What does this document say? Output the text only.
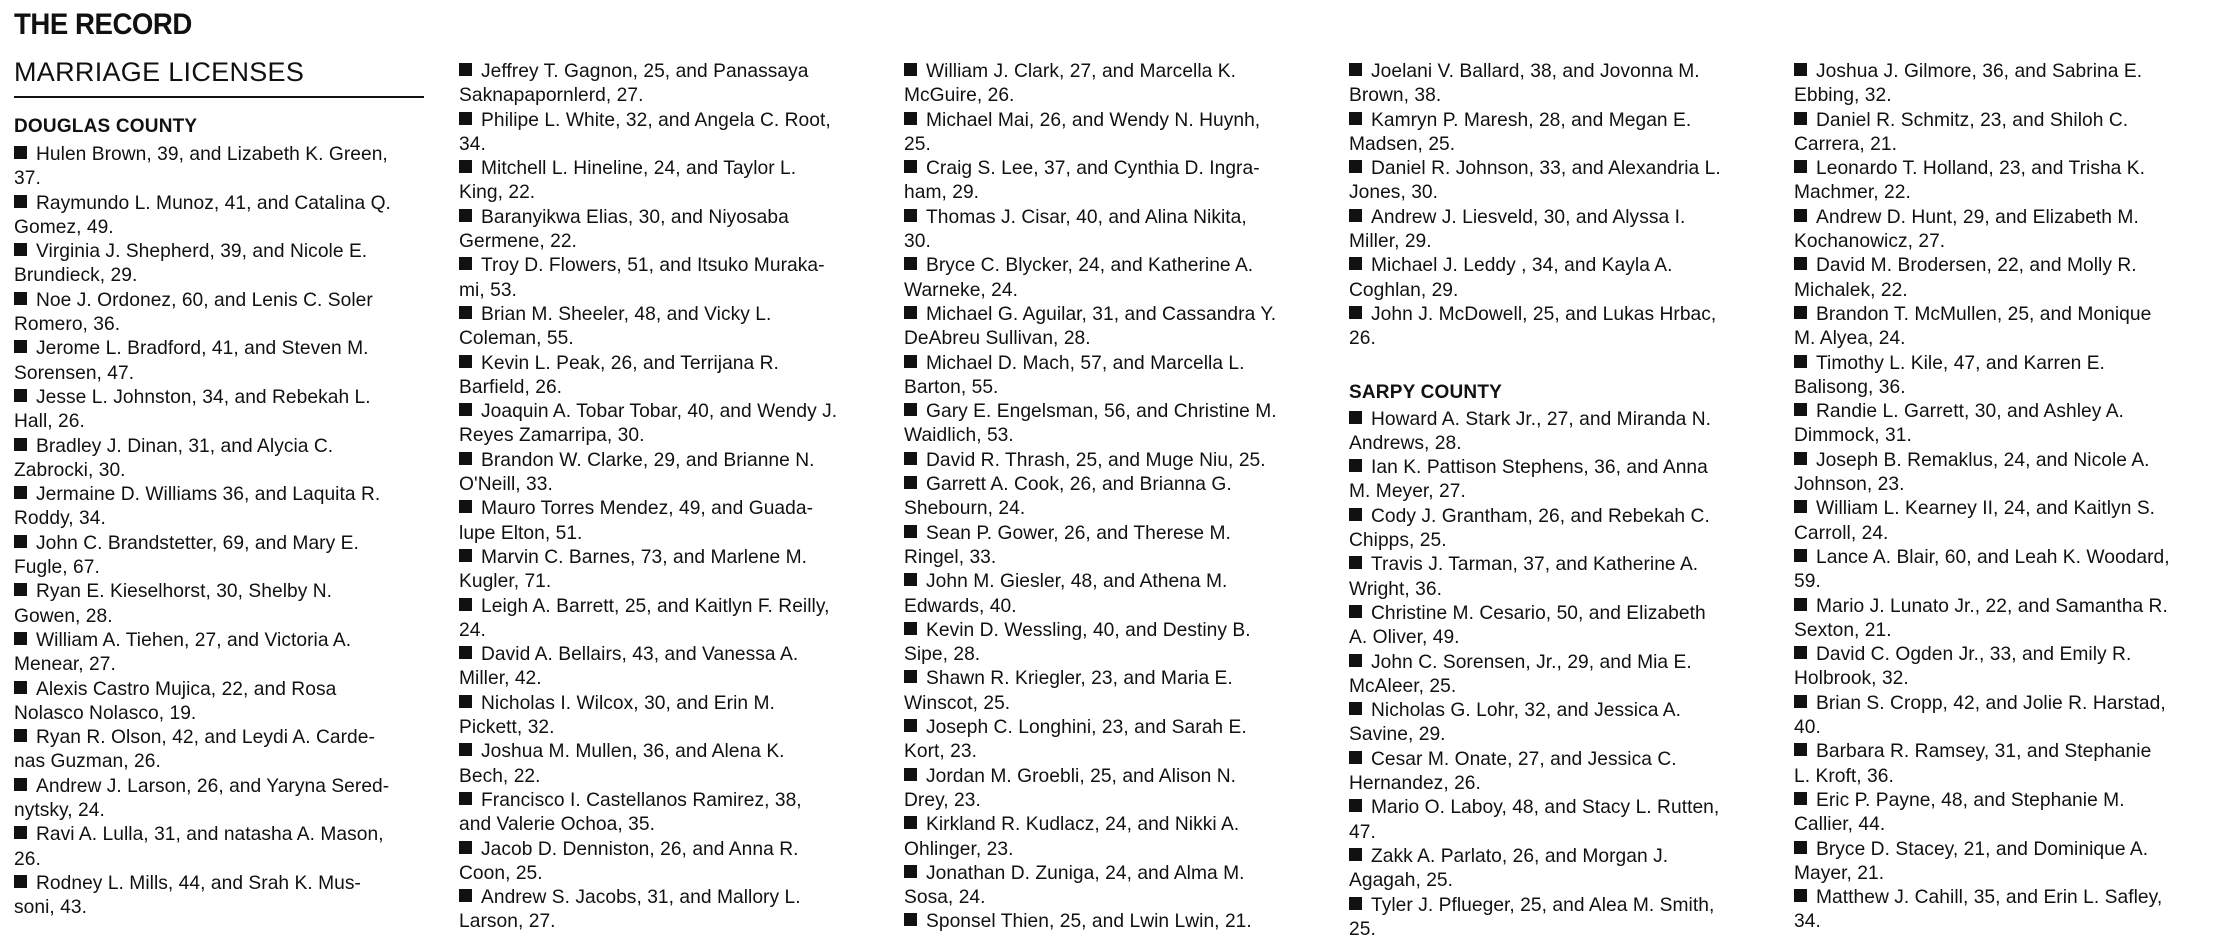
THE RECORD
MARRIAGE LICENSES
DOUGLAS COUNTY
Hulen Brown, 39, and Lizabeth K. Green,
37.
Raymundo L. Munoz, 41, and Catalina Q.
Gomez, 49.
Virginia J. Shepherd, 39, and Nicole E.
Brundieck, 29.
Noe J. Ordonez, 60, and Lenis C. Soler
Romero, 36.
Jerome L. Bradford, 41, and Steven M.
Sorensen, 47.
Jesse L. Johnston, 34, and Rebekah L.
Hall, 26.
Bradley J. Dinan, 31, and Alycia C.
Zabrocki, 30.
Jermaine D. Williams 36, and Laquita R.
Roddy, 34.
John C. Brandstetter, 69, and Mary E.
Fugle, 67.
Ryan E. Kieselhorst, 30, Shelby N.
Gowen, 28.
William A. Tiehen, 27, and Victoria A.
Menear, 27.
Alexis Castro Mujica, 22, and Rosa
Nolasco Nolasco, 19.
Ryan R. Olson, 42, and Leydi A. Carde-
nas Guzman, 26.
Andrew J. Larson, 26, and Yaryna Sered-
nytsky, 24.
Ravi A. Lulla, 31, and natasha A. Mason,
26.
Rodney L. Mills, 44, and Srah K. Mus-
soni, 43.
Jeffrey T. Gagnon, 25, and Panassaya
Saknapapornlerd, 27.
Philipe L. White, 32, and Angela C. Root,
34.
Mitchell L. Hineline, 24, and Taylor L.
King, 22.
Baranyikwa Elias, 30, and Niyosaba
Germene, 22.
Troy D. Flowers, 51, and Itsuko Muraka-
mi, 53.
Brian M. Sheeler, 48, and Vicky L.
Coleman, 55.
Kevin L. Peak, 26, and Terrijana R.
Barfield, 26.
Joaquin A. Tobar Tobar, 40, and Wendy J.
Reyes Zamarripa, 30.
Brandon W. Clarke, 29, and Brianne N.
O'Neill, 33.
Mauro Torres Mendez, 49, and Guada-
lupe Elton, 51.
Marvin C. Barnes, 73, and Marlene M.
Kugler, 71.
Leigh A. Barrett, 25, and Kaitlyn F. Reilly,
24.
David A. Bellairs, 43, and Vanessa A.
Miller, 42.
Nicholas I. Wilcox, 30, and Erin M.
Pickett, 32.
Joshua M. Mullen, 36, and Alena K.
Bech, 22.
Francisco I. Castellanos Ramirez, 38,
and Valerie Ochoa, 35.
Jacob D. Denniston, 26, and Anna R.
Coon, 25.
Andrew S. Jacobs, 31, and Mallory L.
Larson, 27.
William J. Clark, 27, and Marcella K.
McGuire, 26.
Michael Mai, 26, and Wendy N. Huynh,
25.
Craig S. Lee, 37, and Cynthia D. Ingra-
ham, 29.
Thomas J. Cisar, 40, and Alina Nikita,
30.
Bryce C. Blycker, 24, and Katherine A.
Warneke, 24.
Michael G. Aguilar, 31, and Cassandra Y.
DeAbreu Sullivan, 28.
Michael D. Mach, 57, and Marcella L.
Barton, 55.
Gary E. Engelsman, 56, and Christine M.
Waidlich, 53.
David R. Thrash, 25, and Muge Niu, 25.
Garrett A. Cook, 26, and Brianna G.
Shebourn, 24.
Sean P. Gower, 26, and Therese M.
Ringel, 33.
John M. Giesler, 48, and Athena M.
Edwards, 40.
Kevin D. Wessling, 40, and Destiny B.
Sipe, 28.
Shawn R. Kriegler, 23, and Maria E.
Winscot, 25.
Joseph C. Longhini, 23, and Sarah E.
Kort, 23.
Jordan M. Groebli, 25, and Alison N.
Drey, 23.
Kirkland R. Kudlacz, 24, and Nikki A.
Ohlinger, 23.
Jonathan D. Zuniga, 24, and Alma M.
Sosa, 24.
Sponsel Thien, 25, and Lwin Lwin, 21.
Joelani V. Ballard, 38, and Jovonna M.
Brown, 38.
Kamryn P. Maresh, 28, and Megan E.
Madsen, 25.
Daniel R. Johnson, 33, and Alexandria L.
Jones, 30.
Andrew J. Liesveld, 30, and Alyssa I.
Miller, 29.
Michael J. Leddy , 34, and Kayla A.
Coghlan, 29.
John J. McDowell, 25, and Lukas Hrbac,
26.
SARPY COUNTY
Howard A. Stark Jr., 27, and Miranda N.
Andrews, 28.
Ian K. Pattison Stephens, 36, and Anna
M. Meyer, 27.
Cody J. Grantham, 26, and Rebekah C.
Chipps, 25.
Travis J. Tarman, 37, and Katherine A.
Wright, 36.
Christine M. Cesario, 50, and Elizabeth
A. Oliver, 49.
John C. Sorensen, Jr., 29, and Mia E.
McAleer, 25.
Nicholas G. Lohr, 32, and Jessica A.
Savine, 29.
Cesar M. Onate, 27, and Jessica C.
Hernandez, 26.
Mario O. Laboy, 48, and Stacy L. Rutten,
47.
Zakk A. Parlato, 26, and Morgan J.
Agagah, 25.
Tyler J. Pflueger, 25, and Alea M. Smith,
25.
Joshua J. Gilmore, 36, and Sabrina E.
Ebbing, 32.
Daniel R. Schmitz, 23, and Shiloh C.
Carrera, 21.
Leonardo T. Holland, 23, and Trisha K.
Machmer, 22.
Andrew D. Hunt, 29, and Elizabeth M.
Kochanowicz, 27.
David M. Brodersen, 22, and Molly R.
Michalek, 22.
Brandon T. McMullen, 25, and Monique
M. Alyea, 24.
Timothy L. Kile, 47, and Karren E.
Balisong, 36.
Randie L. Garrett, 30, and Ashley A.
Dimmock, 31.
Joseph B. Remaklus, 24, and Nicole A.
Johnson, 23.
William L. Kearney II, 24, and Kaitlyn S.
Carroll, 24.
Lance A. Blair, 60, and Leah K. Woodard,
59.
Mario J. Lunato Jr., 22, and Samantha R.
Sexton, 21.
David C. Ogden Jr., 33, and Emily R.
Holbrook, 32.
Brian S. Cropp, 42, and Jolie R. Harstad,
40.
Barbara R. Ramsey, 31, and Stephanie
L. Kroft, 36.
Eric P. Payne, 48, and Stephanie M.
Callier, 44.
Bryce D. Stacey, 21, and Dominique A.
Mayer, 21.
Matthew J. Cahill, 35, and Erin L. Safley,
34.
